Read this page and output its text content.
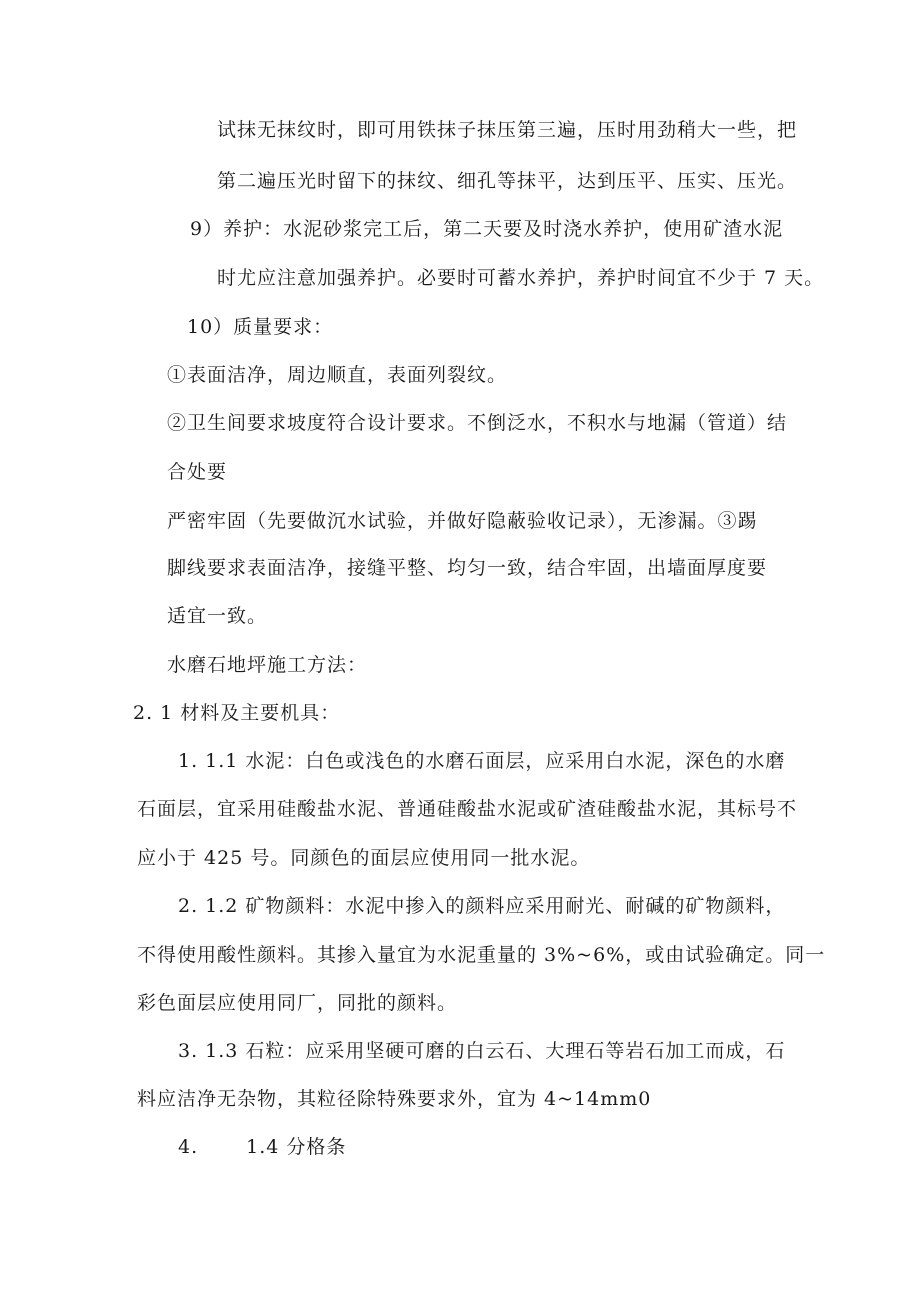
试抹无抹纹时，即可用铁抹子抹压第三遍，压时用劲稍大一些，把
第二遍压光时留下的抹纹、细孔等抹平，达到压平、压实、压光。
9）养护：水泥砂浆完工后，第二天要及时浇水养护，使用矿渣水泥
时尤应注意加强养护。必要时可蓄水养护，养护时间宜不少于 7 天。
10）质量要求：
①表面洁净，周边顺直，表面列裂纹。
②卫生间要求坡度符合设计要求。不倒泛水，不积水与地漏（管道）结
合处要
严密牢固（先要做沉水试验，并做好隐蔽验收记录），无渗漏。③踢
脚线要求表面洁净，接缝平整、均匀一致，结合牢固，出墙面厚度要
适宜一致。
水磨石地坪施工方法：
2. 1 材料及主要机具：
1. 1.1 水泥：白色或浅色的水磨石面层，应采用白水泥，深色的水磨
石面层，宜采用硅酸盐水泥、普通硅酸盐水泥或矿渣硅酸盐水泥，其标号不
应小于 425 号。同颜色的面层应使用同一批水泥。
2. 1.2 矿物颜料：水泥中掺入的颜料应采用耐光、耐碱的矿物颜料，
不得使用酸性颜料。其掺入量宜为水泥重量的 3%~6%，或由试验确定。同一
彩色面层应使用同厂，同批的颜料。
3. 1.3 石粒：应采用坚硬可磨的白云石、大理石等岩石加工而成，石
料应洁净无杂物，其粒径除特殊要求外，宜为 4~14mm0
4.	1.4 分格条
